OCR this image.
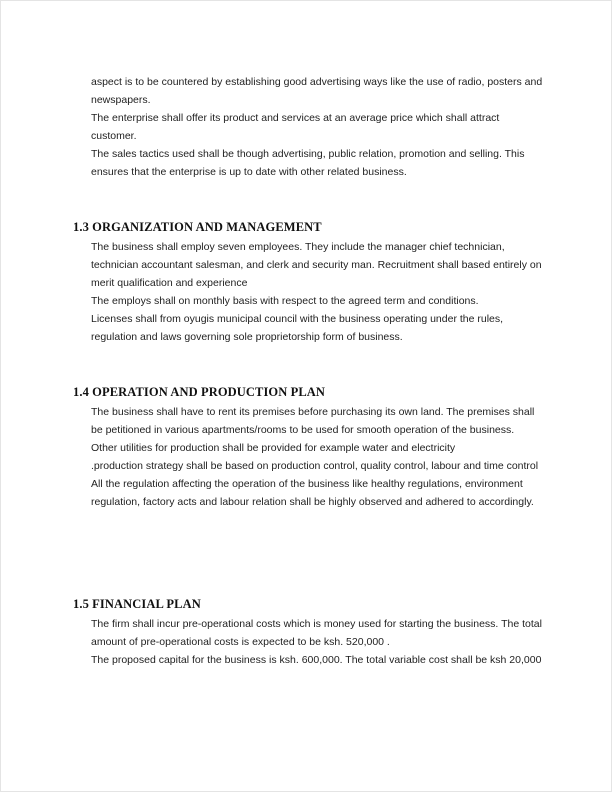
aspect is to be countered by establishing good advertising ways like the use of radio, posters and newspapers.

The enterprise shall offer its product and services at an average price which shall attract customer.

The sales tactics used shall be though advertising, public relation, promotion and selling. This ensures that the enterprise is up to date with other related business.

1.3 ORGANIZATION AND MANAGEMENT

The business shall employ seven employees. They include the manager chief technician, technician accountant salesman, and clerk and security man. Recruitment shall based entirely on merit qualification and experience

The employs shall on monthly basis with respect to the agreed term and conditions.

Licenses shall from oyugis municipal council with the business operating under the rules, regulation and laws governing sole proprietorship form of business.

1.4 OPERATION AND PRODUCTION PLAN

The business shall have to rent its premises before purchasing its own land. The premises shall be petitioned in various apartments/rooms to be used for smooth operation of the business.

Other utilities for production shall be provided for example water and electricity

.production strategy shall be based on production control, quality control, labour and time control

All the regulation affecting the operation of the business like healthy regulations, environment regulation, factory acts and labour relation shall be highly observed and adhered to accordingly.

1.5 FINANCIAL PLAN

The firm shall incur pre-operational costs which is money used for starting the business. The total amount of pre-operational costs is expected to be ksh. 520,000 .

The proposed capital for the business is ksh. 600,000. The total variable cost shall be ksh 20,000
